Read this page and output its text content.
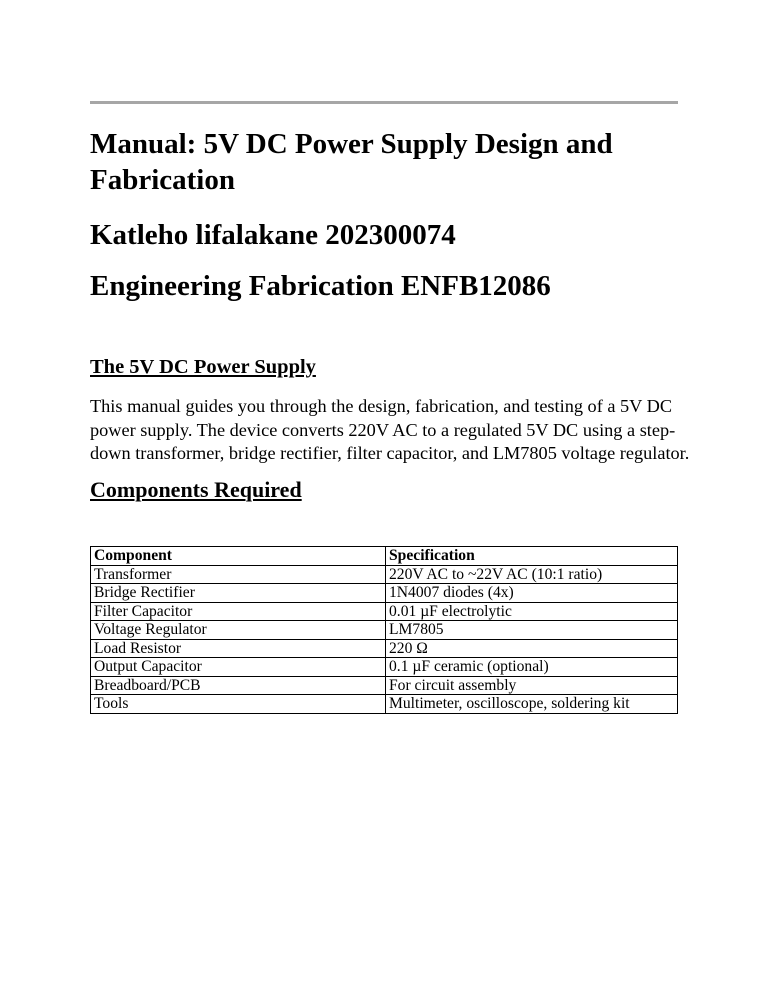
Manual: 5V DC Power Supply Design and Fabrication
Katleho lifalakane 202300074
Engineering Fabrication ENFB12086
The 5V DC Power Supply

This manual guides you through the design, fabrication, and testing of a 5V DC power supply. The device converts 220V AC to a regulated 5V DC using a step-down transformer, bridge rectifier, filter capacitor, and LM7805 voltage regulator.

Components Required
Component	Specification
Transformer	220V AC to ~22V AC (10:1 ratio)
Bridge Rectifier	1N4007 diodes (4x)
Filter Capacitor	0.01 µF electrolytic
Voltage Regulator	LM7805
Load Resistor	220 Ω
Output Capacitor	0.1 µF ceramic (optional)
Breadboard/PCB	For circuit assembly
Tools	Multimeter, oscilloscope, soldering kit
